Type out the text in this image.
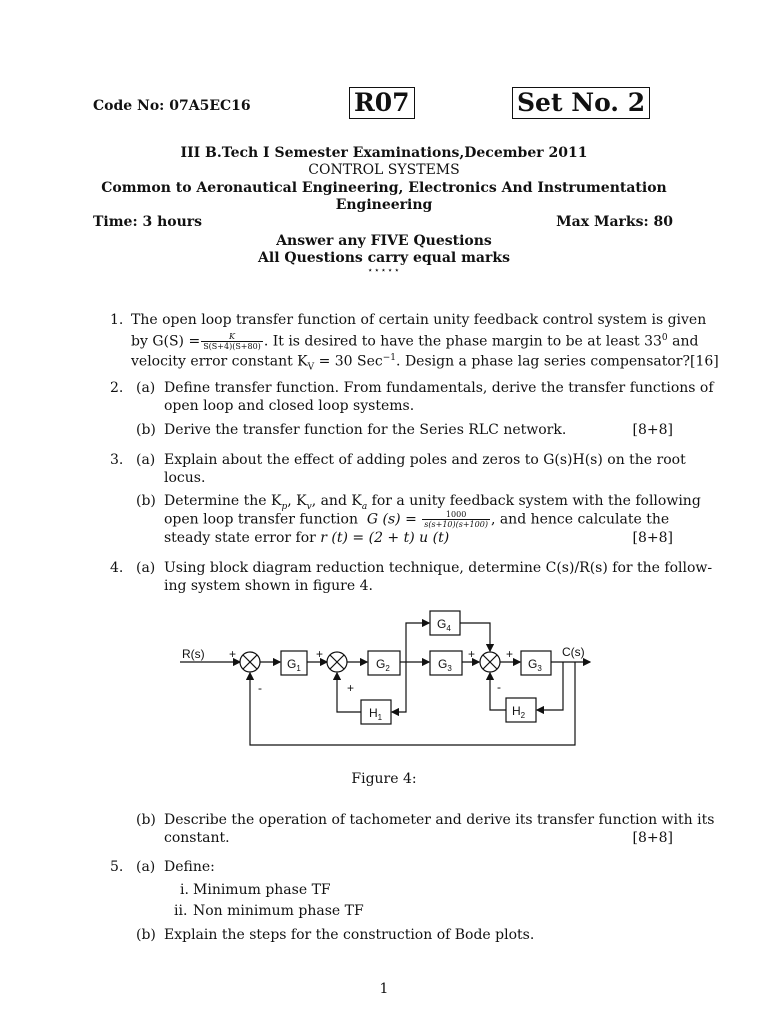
Code No: 07A5EC16	R07	Set No. 2
III B.Tech I Semester Examinations,December 2011
CONTROL SYSTEMS
Common to Aeronautical Engineering, Electronics And Instrumentation
Engineering
Time: 3 hours	Max Marks: 80
Answer any FIVE Questions
All Questions carry equal marks
⋆⋆⋆⋆⋆
1. The open loop transfer function of certain unity feedback control system is given
by $G(S) = \frac{K}{S(S+4)(S+80)}$ . It is desired to have the phase margin to be at least $33^0$ and
velocity error constant $K_V = 30$ Sec$^{-1}$. Design a phase lag series compensator?[16]
2. (a) Define transfer function. From fundamentals, derive the transfer functions of
open loop and closed loop systems.
(b) Derive the transfer function for the Series RLC network.	[8+8]
3. (a) Explain about the effect of adding poles and zeros to G(s)H(s) on the root
locus.
(b) Determine the $K_p$, $K_v$, and $K_a$ for a unity feedback system with the following
open loop transfer function G $(s) = \frac{1000}{s(s+10)(s+100)}$ , and hence calculate the
steady state error for r (t) = (2 + t) u (t)	[8+8]
4. (a) Using block diagram reduction technique, determine C(s)/R(s) for the follow-
ing system shown in figure 4.
R(s)	C(s)
$G_1$	$G_2$	$G_3$
$G_4$
$G_3$
$H_1$	$H_2$
+
-
+
+
+	+
-
Figure 4:
(b) Describe the operation of tachometer and derive its transfer function with its
constant.	[8+8]
5. (a) Define:
i. Minimum phase TF
ii. Non minimum phase TF
(b) Explain the steps for the construction of Bode plots.
1
